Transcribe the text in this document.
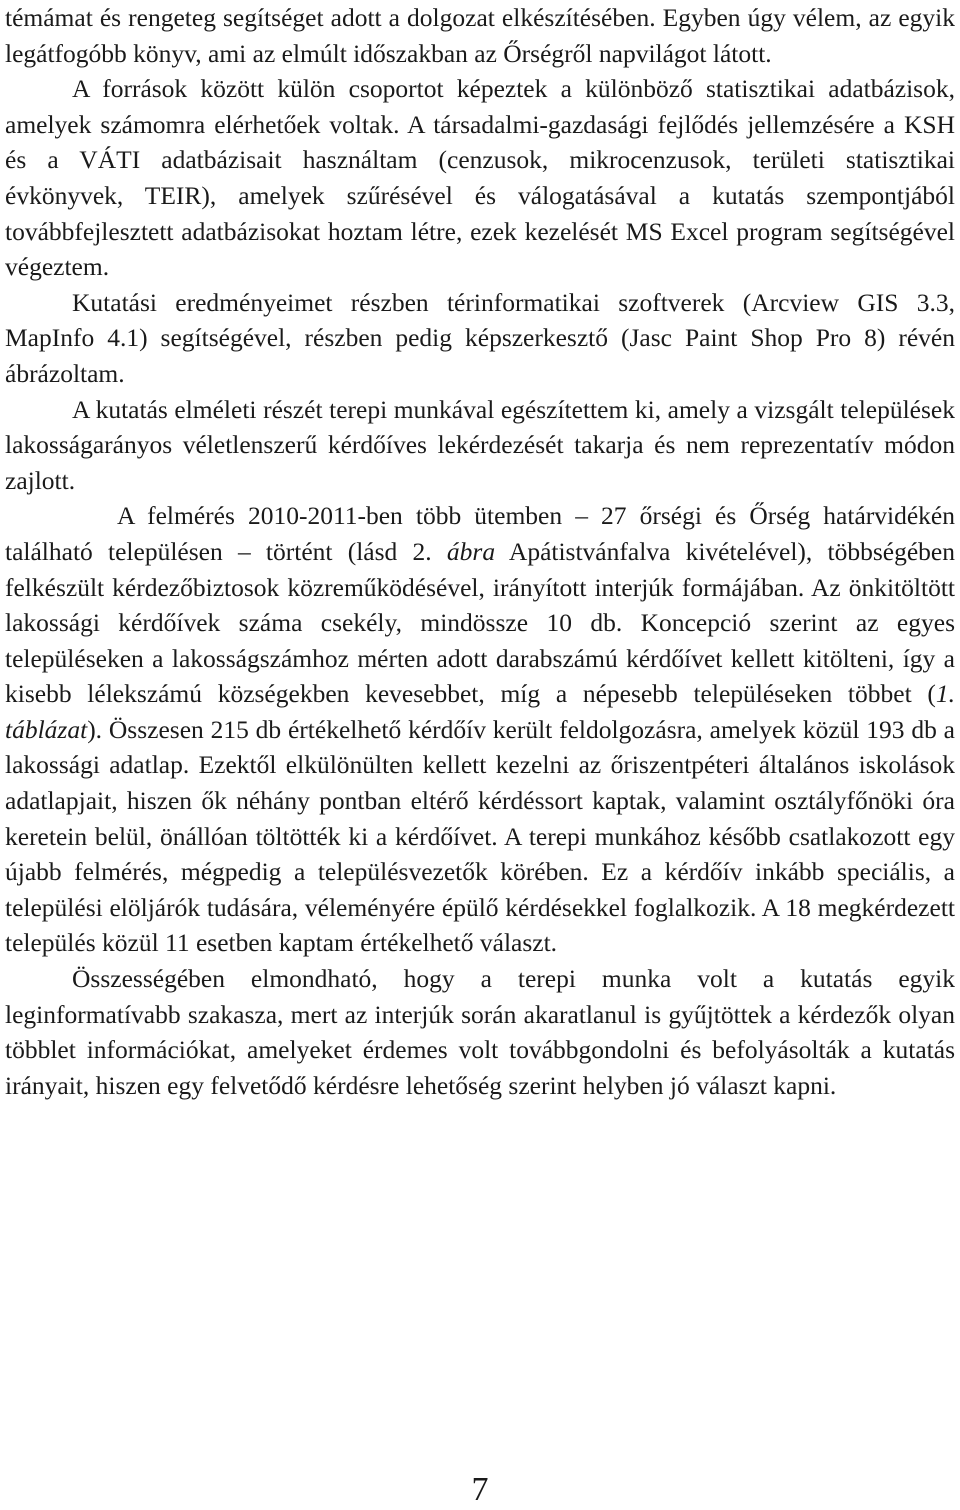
témámat és rengeteg segítséget adott a dolgozat elkészítésében. Egyben úgy vélem, az egyik legátfogóbb könyv, ami az elmúlt időszakban az Őrségről napvilágot látott.

A források között külön csoportot képeztek a különböző statisztikai adatbázisok, amelyek számomra elérhetőek voltak. A társadalmi-gazdasági fejlődés jellemzésére a KSH és a VÁTI adatbázisait használtam (cenzusok, mikrocenzusok, területi statisztikai évkönyvek, TEIR), amelyek szűrésével és válogatásával a kutatás szempontjából továbbfejlesztett adatbázisokat hoztam létre, ezek kezelését MS Excel program segítségével végeztem.

Kutatási eredményeimet részben térinformatikai szoftverek (Arcview GIS 3.3, MapInfo 4.1) segítségével, részben pedig képszerkesztő (Jasc Paint Shop Pro 8) révén ábrázoltam.

A kutatás elméleti részét terepi munkával egészítettem ki, amely a vizsgált települések lakosságarányos véletlenszerű kérdőíves lekérdezését takarja és nem reprezentatív módon zajlott.

A felmérés 2010-2011-ben több ütemben – 27 őrségi és Őrség határvidékén található településen – történt (lásd 2. ábra Apátistvánfalva kivételével), többségében felkészült kérdezőbiztosok közreműködésével, irányított interjúk formájában. Az önkitöltött lakossági kérdőívek száma csekély, mindössze 10 db. Koncepció szerint az egyes településeken a lakosságszámhoz mérten adott darabszámú kérdőívet kellett kitölteni, így a kisebb lélekszámú községekben kevesebbet, míg a népesebb településeken többet (1. táblázat). Összesen 215 db értékelhető kérdőív került feldolgozásra, amelyek közül 193 db a lakossági adatlap. Ezektől elkülönülten kellett kezelni az őriszentpéteri általános iskolások adatlapjait, hiszen ők néhány pontban eltérő kérdéssort kaptak, valamint osztályfőnöki óra keretein belül, önállóan töltötték ki a kérdőívet. A terepi munkához később csatlakozott egy újabb felmérés, mégpedig a településvezetők körében. Ez a kérdőív inkább speciális, a települési elöljárók tudására, véleményére épülő kérdésekkel foglalkozik. A 18 megkérdezett település közül 11 esetben kaptam értékelhető választ.

Összességében elmondható, hogy a terepi munka volt a kutatás egyik leginformatívabb szakasza, mert az interjúk során akaratlanul is gyűjtöttek a kérdezők olyan többlet információkat, amelyeket érdemes volt továbbgondolni és befolyásolták a kutatás irányait, hiszen egy felvetődő kérdésre lehetőség szerint helyben jó választ kapni.

7
